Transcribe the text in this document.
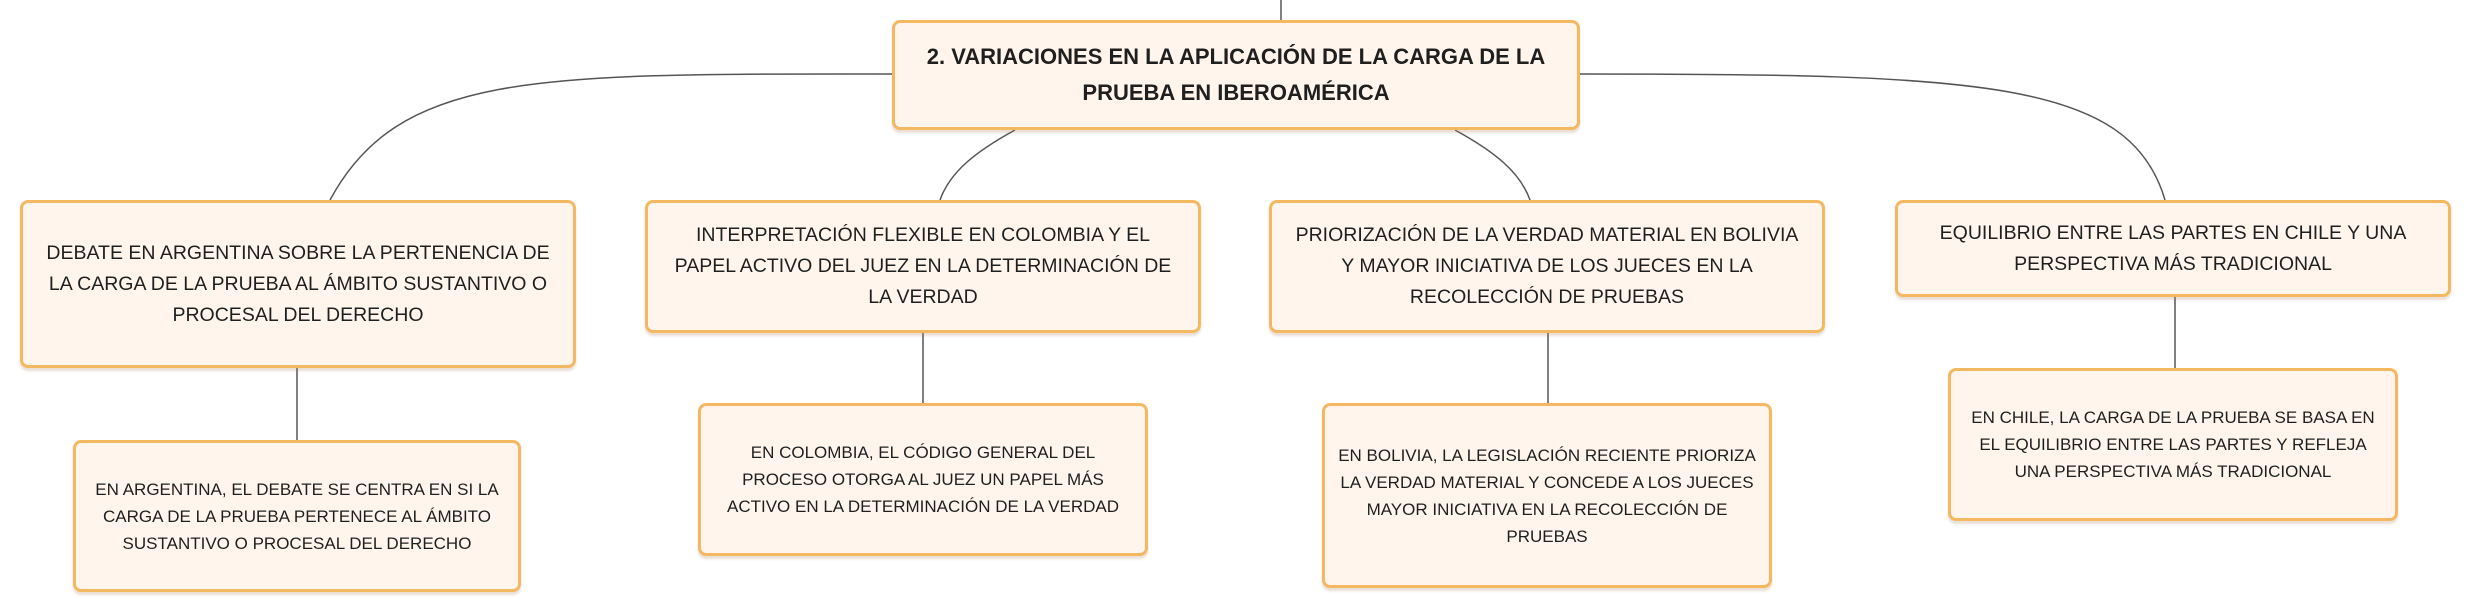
2. VARIACIONES EN LA APLICACIÓN DE LA CARGA DE LA PRUEBA EN IBEROAMÉRICA
DEBATE EN ARGENTINA SOBRE LA PERTENENCIA DE LA CARGA DE LA PRUEBA AL ÁMBITO SUSTANTIVO O PROCESAL DEL DERECHO
INTERPRETACIÓN FLEXIBLE EN COLOMBIA Y EL PAPEL ACTIVO DEL JUEZ EN LA DETERMINACIÓN DE LA VERDAD
PRIORIZACIÓN DE LA VERDAD MATERIAL EN BOLIVIA Y MAYOR INICIATIVA DE LOS JUECES EN LA RECOLECCIÓN DE PRUEBAS
EQUILIBRIO ENTRE LAS PARTES EN CHILE Y UNA PERSPECTIVA MÁS TRADICIONAL
EN ARGENTINA, EL DEBATE SE CENTRA EN SI LA CARGA DE LA PRUEBA PERTENECE AL ÁMBITO SUSTANTIVO O PROCESAL DEL DERECHO
EN COLOMBIA, EL CÓDIGO GENERAL DEL PROCESO OTORGA AL JUEZ UN PAPEL MÁS ACTIVO EN LA DETERMINACIÓN DE LA VERDAD
EN BOLIVIA, LA LEGISLACIÓN RECIENTE PRIORIZA LA VERDAD MATERIAL Y CONCEDE A LOS JUECES MAYOR INICIATIVA EN LA RECOLECCIÓN DE PRUEBAS
EN CHILE, LA CARGA DE LA PRUEBA SE BASA EN EL EQUILIBRIO ENTRE LAS PARTES Y REFLEJA UNA PERSPECTIVA MÁS TRADICIONAL
